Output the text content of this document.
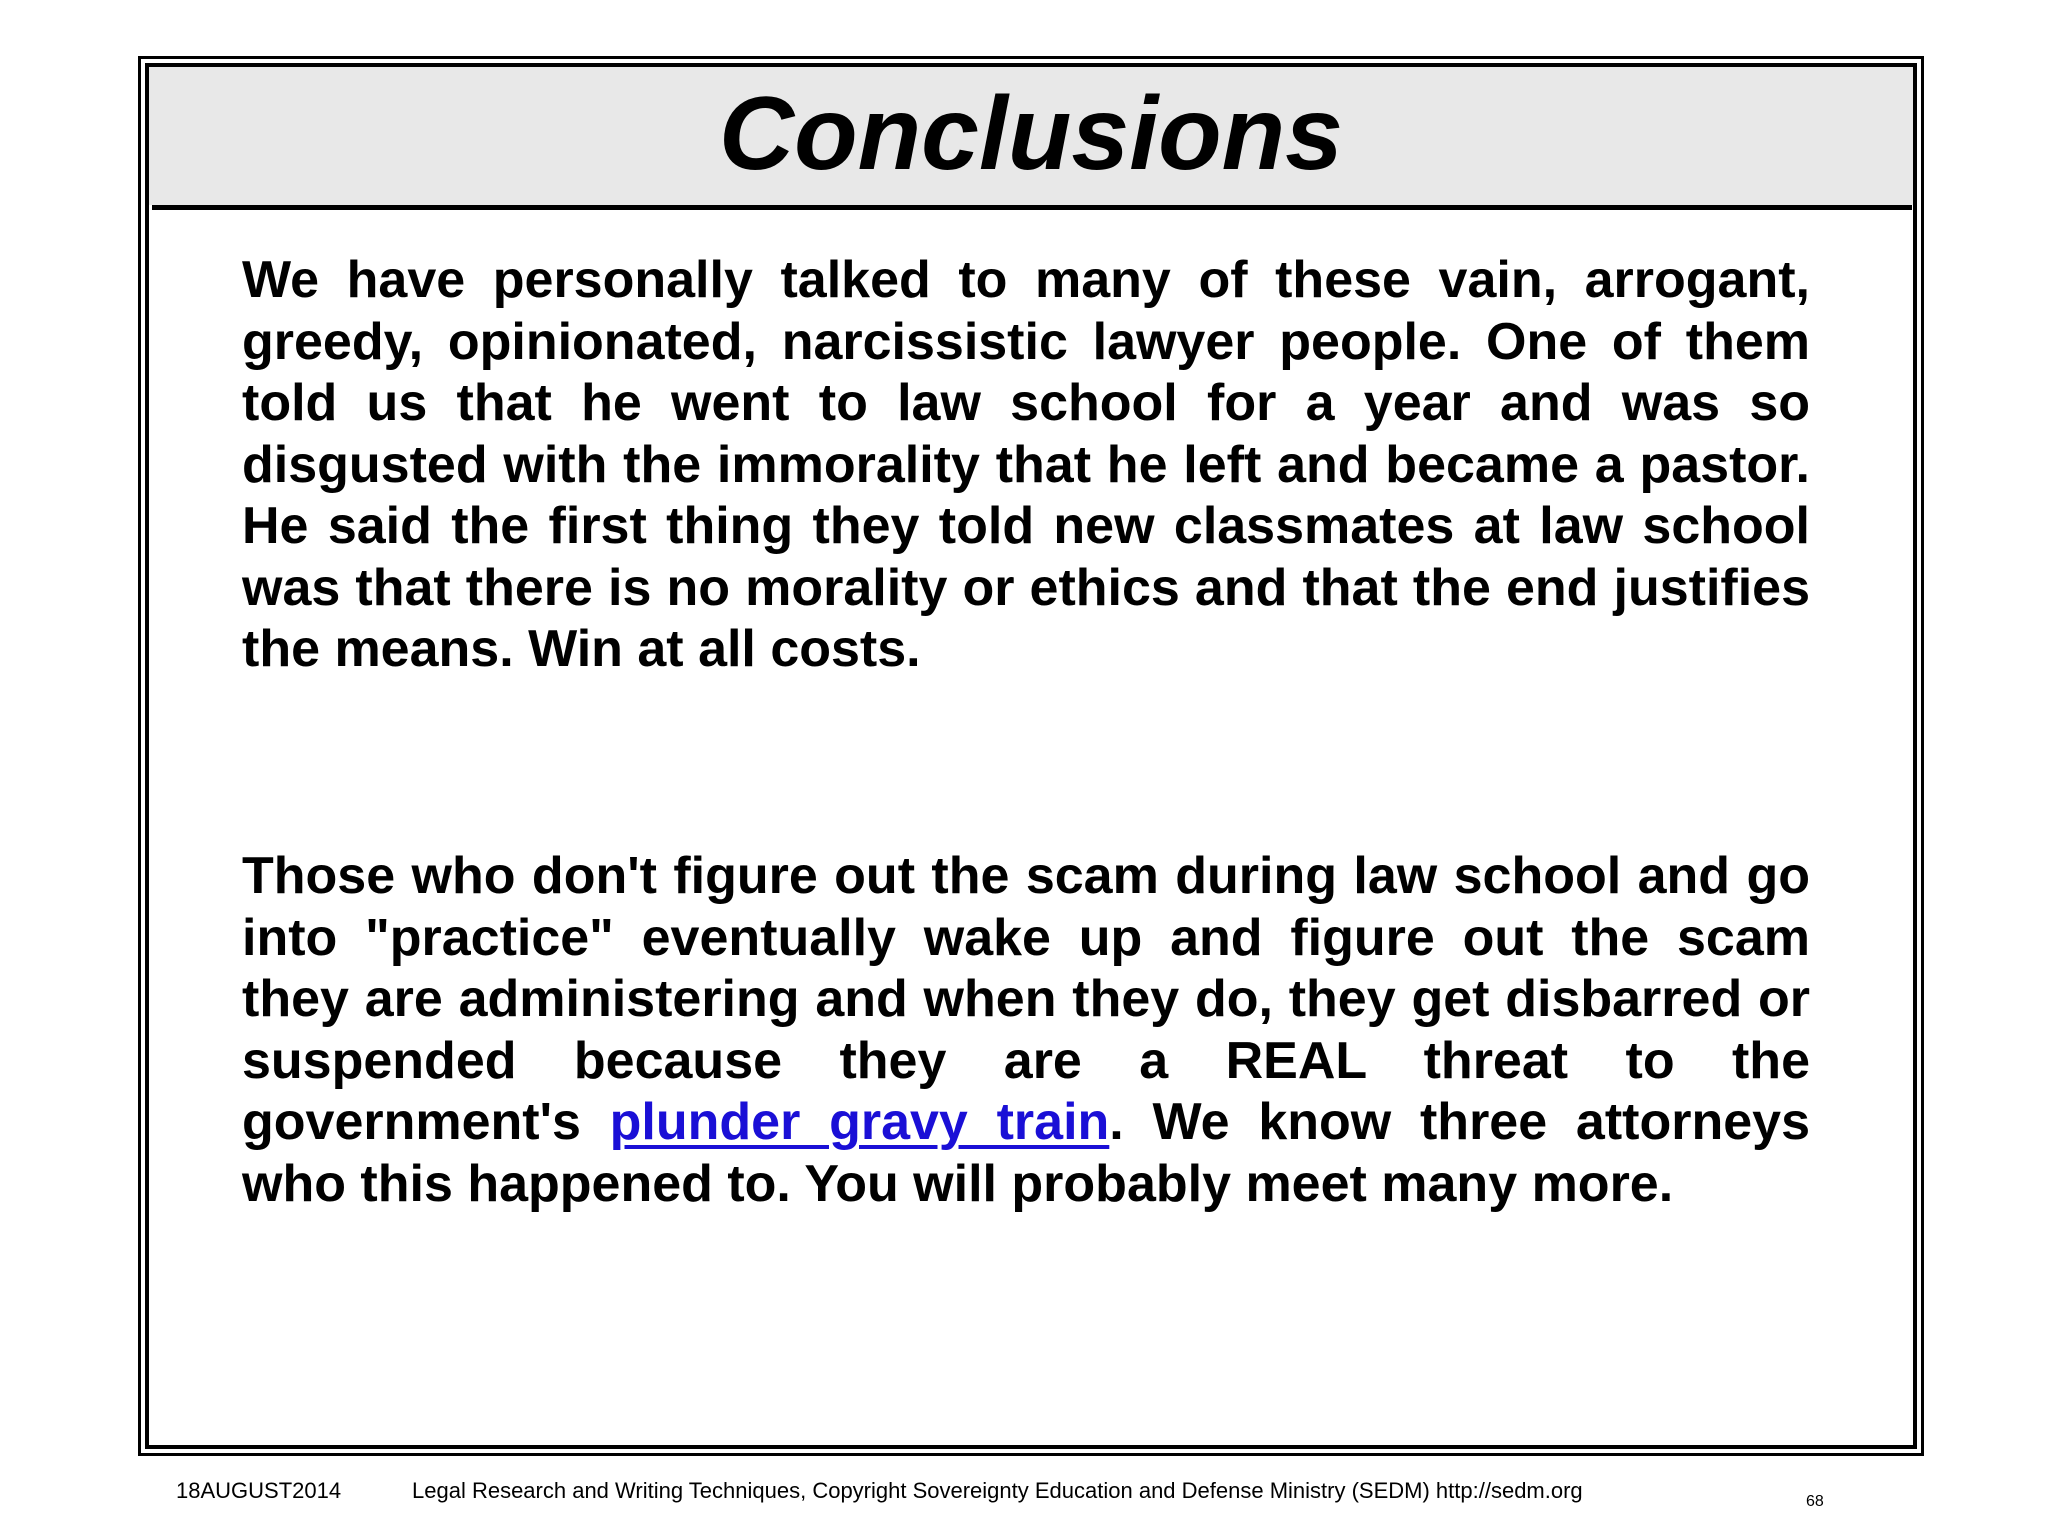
Conclusions

We have personally talked to many of these vain, arrogant, greedy, opinionated, narcissistic lawyer people. One of them told us that he went to law school for a year and was so disgusted with the immorality that he left and became a pastor. He said the first thing they told new classmates at law school was that there is no morality or ethics and that the end justifies the means. Win at all costs.

Those who don't figure out the scam during law school and go into "practice" eventually wake up and figure out the scam they are administering and when they do, they get disbarred or suspended because they are a REAL threat to the government's plunder gravy train. We know three attorneys who this happened to. You will probably meet many more.

18AUGUST2014	Legal Research and Writing Techniques, Copyright Sovereignty Education and Defense Ministry (SEDM) http://sedm.org	68
